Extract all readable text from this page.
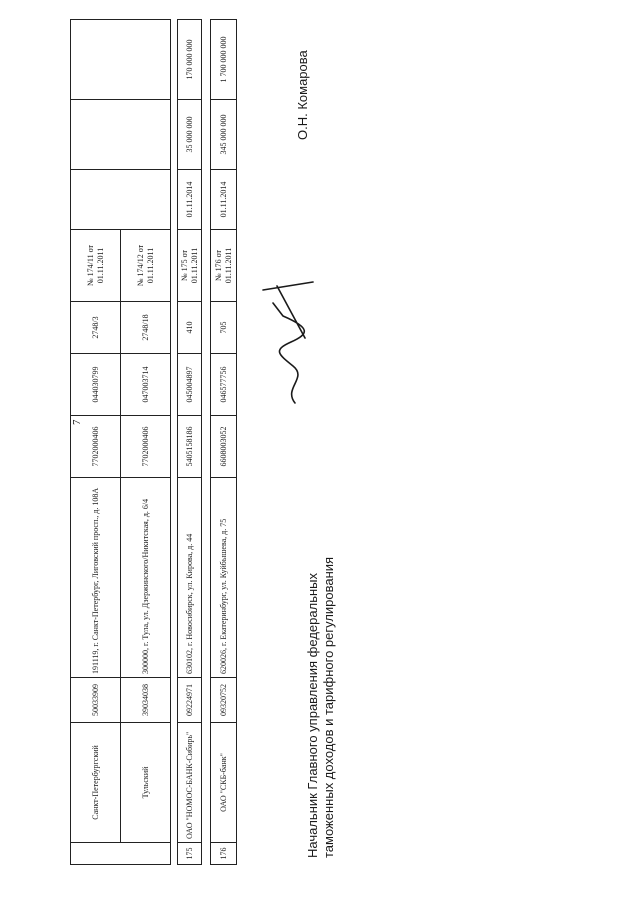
7
	Санкт-Петербургский	50033909	191119, г. Санкт-Петербург, Лиговский просп., д. 108А	7702000406	044030799	2748/3	№ 174/11 от 01.11.2011			
	Тульский	39034038	300000, г. Тула, ул. Дзержинского/Никитская, д. 6/4	7702000406	047003714	2748/18	№ 174/12 от 01.11.2011			
175	ОАО "НОМОС-БАНК-Сибирь"	09224971	630102, г. Новосибирск, ул. Кирова, д. 44	5405158186	045004897	410	№ 175 от 01.11.2011	01.11.2014	35 000 000	170 000 000
176	ОАО "СКБ-банк"	09320752	620026, г. Екатеринбург, ул. Куйбышева, д. 75	6608003052	046577756	705	№ 176 от 01.11.2011	01.11.2014	345 000 000	1 700 000 000
Начальник Главного управления федеральных таможенных доходов и тарифного регулирования
О.Н. Комарова
